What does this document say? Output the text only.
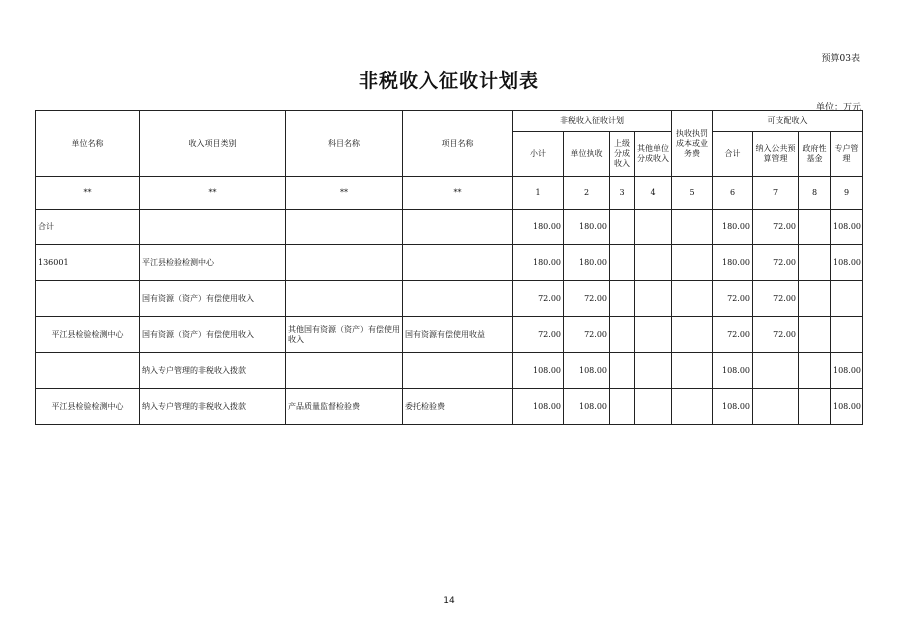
预算03表
非税收入征收计划表
单位：万元
单位名称	收入项目类别	科目名称	项目名称	非税收入征收计划				执收执罚成本或业务费	可支配收入			
				小计	单位执收	上级分成收入	其他单位分成收入		合计	纳入公共预算管理	政府性基金	专户管理
**	**	**	**	1	2	3	4	5	6	7	8	9
合计				180.00	180.00				180.00	72.00		108.00
136001	平江县检验检测中心			180.00	180.00				180.00	72.00		108.00
	国有资源（资产）有偿使用收入			72.00	72.00				72.00	72.00		
平江县检验检测中心	国有资源（资产）有偿使用收入	其他国有资源（资产）有偿使用收入	国有资源有偿使用收益	72.00	72.00				72.00	72.00		
	纳入专户管理的非税收入拨款			108.00	108.00				108.00			108.00
平江县检验检测中心	纳入专户管理的非税收入拨款	产品质量监督检验费	委托检验费	108.00	108.00				108.00			108.00
14
